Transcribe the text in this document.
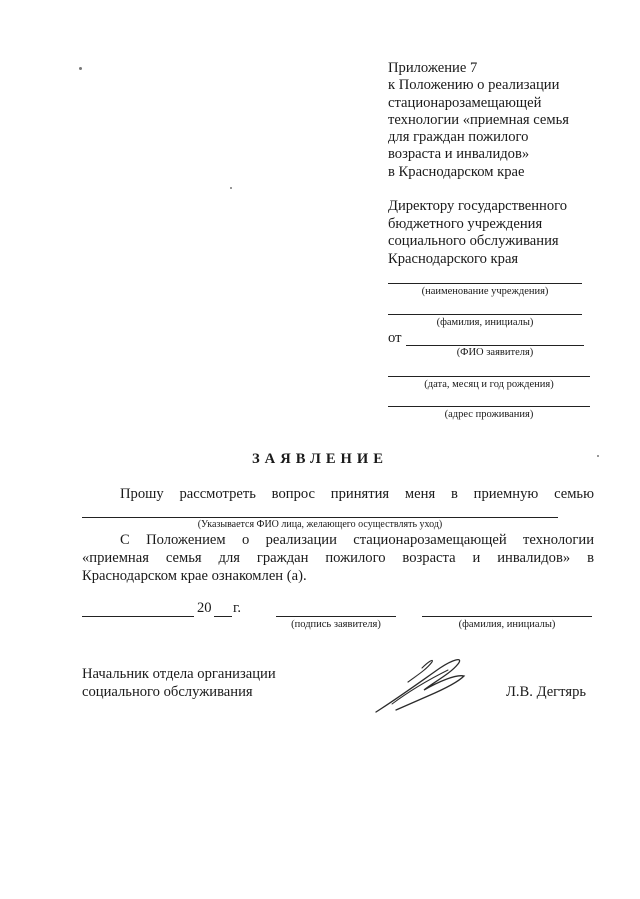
Приложение 7
к Положению о реализации
стационарозамещающей
технологии «приемная семья
для граждан пожилого
возраста и инвалидов»
в Краснодарском крае
Директору государственного
бюджетного учреждения
социального обслуживания
Краснодарского края
(наименование учреждения)
(фамилия, инициалы)
от
(ФИО заявителя)
(дата, месяц и год рождения)
(адрес проживания)
ЗАЯВЛЕНИЕ
Прошу рассмотреть вопрос принятия меня в приемную семью
(Указывается ФИО лица, желающего осуществлять уход)
С Положением о реализации стационарозамещающей технологии
«приемная семья для граждан пожилого возраста и инвалидов» в
Краснодарском крае ознакомлен (а).
20 г.
(подпись заявителя)	(фамилия, инициалы)
Начальник отдела организации
социального обслуживания	Л.В. Дегтярь
